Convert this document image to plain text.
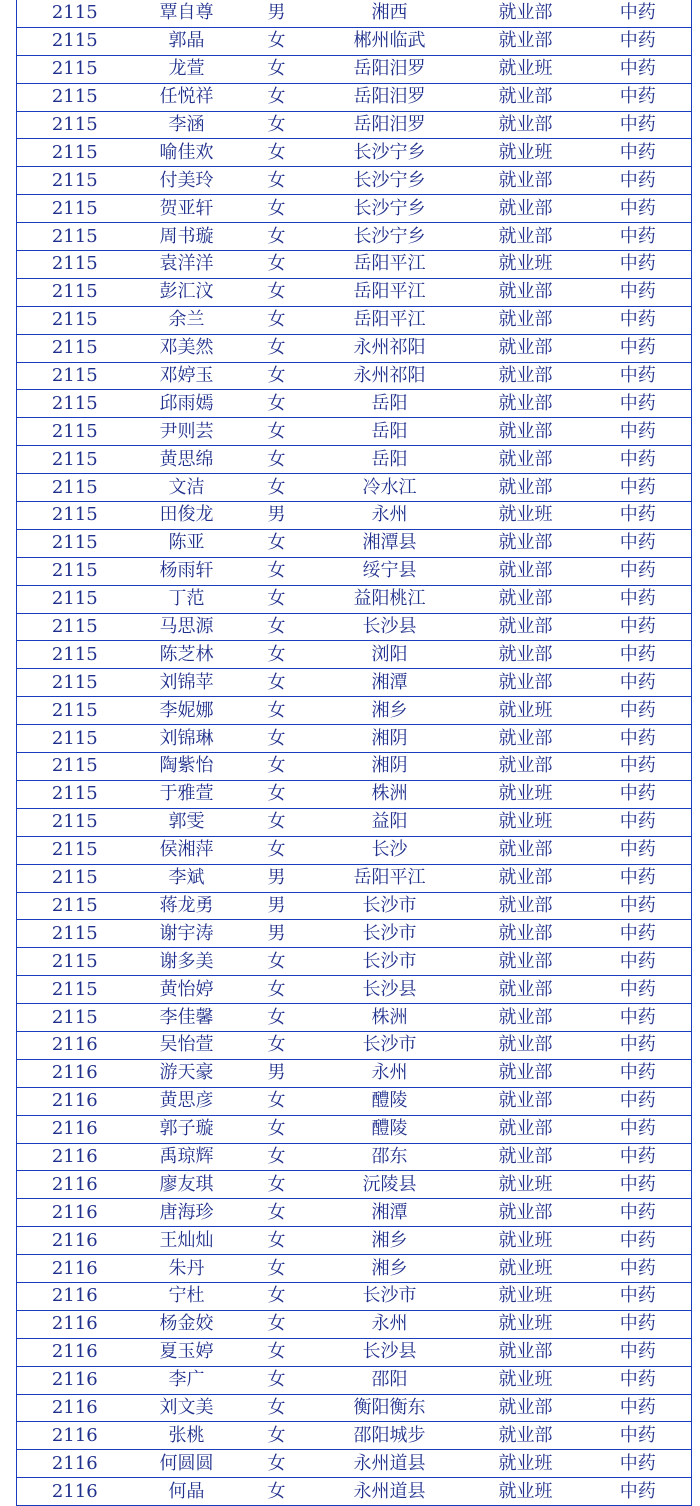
2115	覃自尊	男	湘西	就业部	中药
2115	郭晶	女	郴州临武	就业部	中药
2115	龙萱	女	岳阳汨罗	就业班	中药
2115	任悦祥	女	岳阳汨罗	就业部	中药
2115	李涵	女	岳阳汨罗	就业部	中药
2115	喻佳欢	女	长沙宁乡	就业班	中药
2115	付美玲	女	长沙宁乡	就业部	中药
2115	贺亚轩	女	长沙宁乡	就业部	中药
2115	周书璇	女	长沙宁乡	就业部	中药
2115	袁洋洋	女	岳阳平江	就业班	中药
2115	彭汇汶	女	岳阳平江	就业部	中药
2115	余兰	女	岳阳平江	就业部	中药
2115	邓美然	女	永州祁阳	就业部	中药
2115	邓婷玉	女	永州祁阳	就业部	中药
2115	邱雨嫣	女	岳阳	就业部	中药
2115	尹则芸	女	岳阳	就业部	中药
2115	黄思绵	女	岳阳	就业部	中药
2115	文洁	女	冷水江	就业部	中药
2115	田俊龙	男	永州	就业班	中药
2115	陈亚	女	湘潭县	就业部	中药
2115	杨雨轩	女	绥宁县	就业部	中药
2115	丁范	女	益阳桃江	就业部	中药
2115	马思源	女	长沙县	就业部	中药
2115	陈芝林	女	浏阳	就业部	中药
2115	刘锦苹	女	湘潭	就业部	中药
2115	李妮娜	女	湘乡	就业班	中药
2115	刘锦琳	女	湘阴	就业部	中药
2115	陶紫怡	女	湘阴	就业部	中药
2115	于雅萱	女	株洲	就业班	中药
2115	郭雯	女	益阳	就业班	中药
2115	侯湘萍	女	长沙	就业部	中药
2115	李斌	男	岳阳平江	就业部	中药
2115	蒋龙勇	男	长沙市	就业部	中药
2115	谢宇涛	男	长沙市	就业部	中药
2115	谢多美	女	长沙市	就业部	中药
2115	黄怡婷	女	长沙县	就业部	中药
2115	李佳馨	女	株洲	就业部	中药
2116	吴怡萱	女	长沙市	就业部	中药
2116	游天豪	男	永州	就业部	中药
2116	黄思彦	女	醴陵	就业部	中药
2116	郭子璇	女	醴陵	就业部	中药
2116	禹琼辉	女	邵东	就业部	中药
2116	廖友琪	女	沅陵县	就业班	中药
2116	唐海珍	女	湘潭	就业部	中药
2116	王灿灿	女	湘乡	就业班	中药
2116	朱丹	女	湘乡	就业班	中药
2116	宁杜	女	长沙市	就业班	中药
2116	杨金姣	女	永州	就业班	中药
2116	夏玉婷	女	长沙县	就业部	中药
2116	李广	女	邵阳	就业班	中药
2116	刘文美	女	衡阳衡东	就业部	中药
2116	张桃	女	邵阳城步	就业部	中药
2116	何圆圆	女	永州道县	就业班	中药
2116	何晶	女	永州道县	就业班	中药
